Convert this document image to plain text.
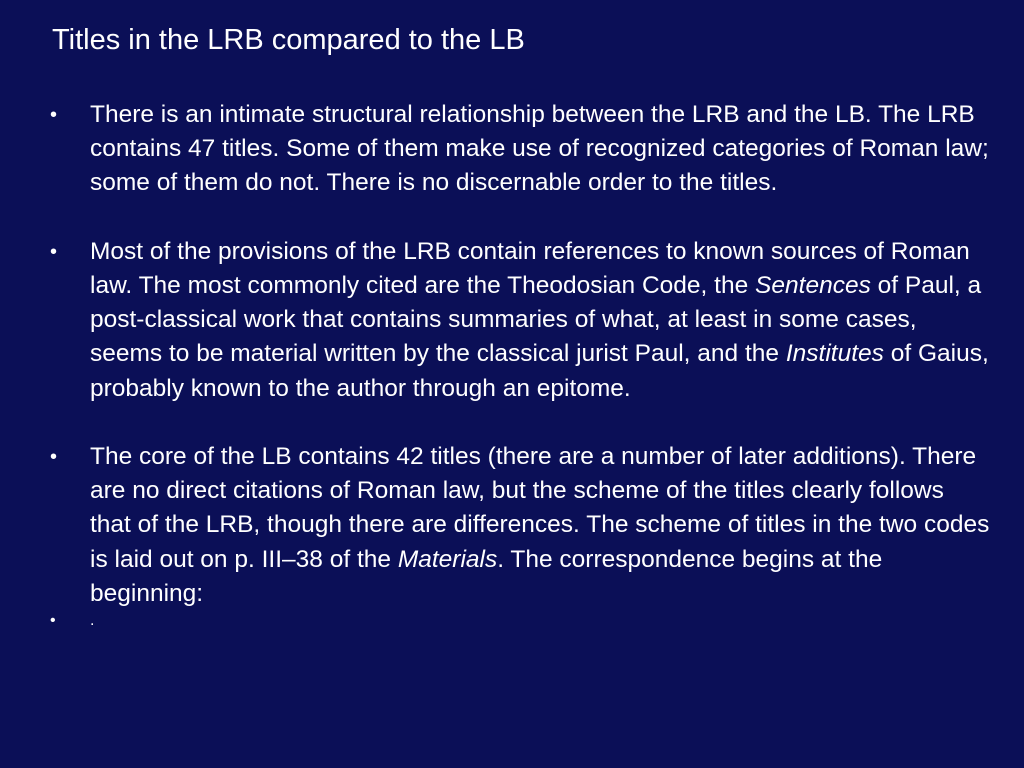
Titles in the LRB compared to the LB
•	There is an intimate structural relationship between the LRB and the LB. The LRB contains 47 titles. Some of them make use of recognized categories of Roman law; some of them do not. There is no discernable order to the titles.
•	Most of the provisions of the LRB contain references to known sources of Roman law. The most commonly cited are the Theodosian Code, the Sentences of Paul, a post-classical work that contains summaries of what, at least in some cases, seems to be material written by the classical jurist Paul, and the Institutes of Gaius, probably known to the author through an epitome.
•	The core of the LB contains 42 titles (there are a number of later additions). There are no direct citations of Roman law, but the scheme of the titles clearly follows that of the LRB, though there are differences. The scheme of titles in the two codes is laid out on p. III–38 of the Materials. The correspondence begins at the beginning:
•	.
